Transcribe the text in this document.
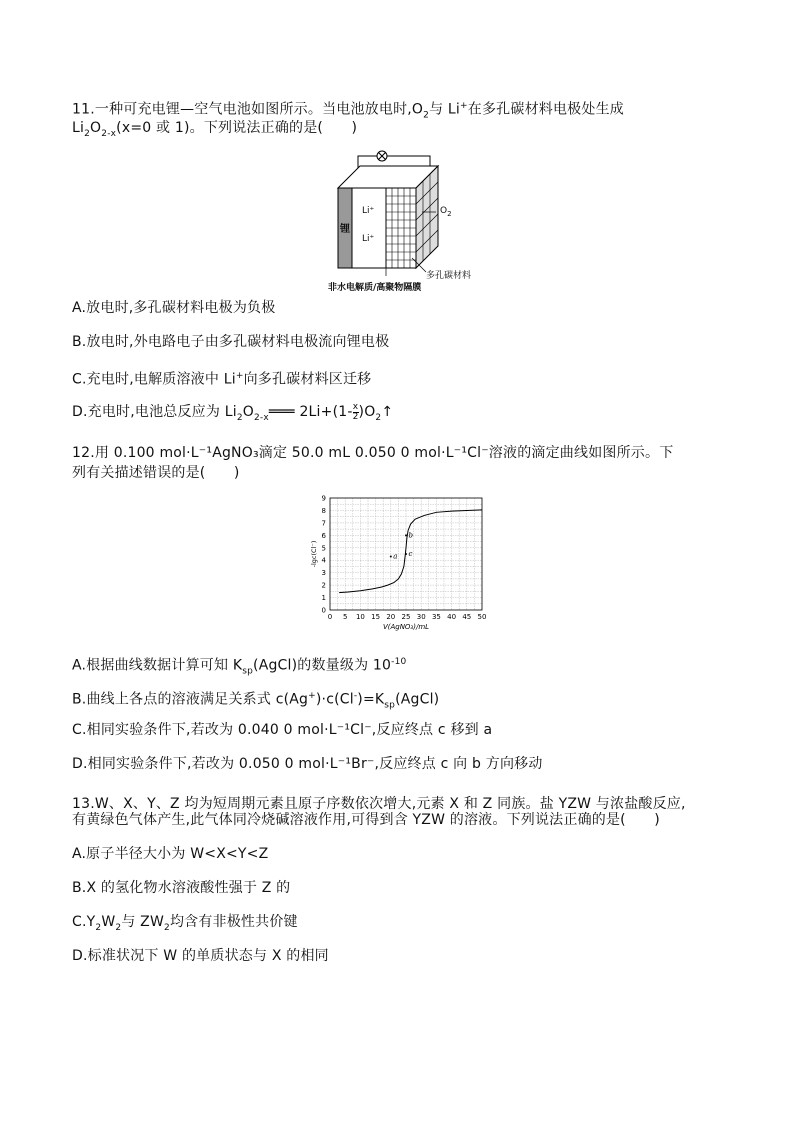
11.一种可充电锂—空气电池如图所示。当电池放电时$,O_2$与 Li+在多孔碳材料电极处生成
$Li_2O_{2-x}(x=0$ 或 1)。下列说法正确的是(　　)
锂
Li⁺
Li⁺
$O_2$
多孔碳材料
非水电解质/高聚物隔膜
A.放电时,多孔碳材料电极为负极
B.放电时,外电路电子由多孔碳材料电极流向锂电极
C.充电时,电解质溶液中 Li+向多孔碳材料区迁移
D.充电时,电池总反应为 $Li_2O_{2-x}═══$ $2Li+(1- \frac{x}{2}$ )$O_2↑$
12.用 0.100 mol·L⁻¹AgNO₃滴定 50.0 mL 0.050 0 mol·L⁻¹Cl⁻溶液的滴定曲线如图所示。下
列有关描述错误的是(　　)
0 5 10 15 20 25 30 35 40 45 50
0
1
2
3
4
5
6
7
8
9
V(AgNO₃)/mL
-lgc(Cl⁻)	a
b
c
A.根据曲线数据计算可知 $K_{sp}(AgCl)$的数量级为 $10^{-10}$
B.曲线上各点的溶液满足关系式 $c(Ag^+)\cdot c(Cl^-)=K_{sp}(AgCl)$
C.相同实验条件下,若改为 0.040 0 mol·L⁻¹Cl⁻,反应终点 c 移到 a
D.相同实验条件下,若改为 0.050 0 mol·L⁻¹Br⁻,反应终点 c 向 b 方向移动
13.W、X、Y、Z 均为短周期元素且原子序数依次增大,元素 X 和 Z 同族。盐 YZW 与浓盐酸反应,
有黄绿色气体产生,此气体同冷烧碱溶液作用,可得到含 YZW 的溶液。下列说法正确的是(　　)
A.原子半径大小为 W<X<Y<Z
B.X 的氢化物水溶液酸性强于 Z 的
$C.Y_2W_2$与 $ZW_2$均含有非极性共价键
D.标准状况下 W 的单质状态与 X 的相同
